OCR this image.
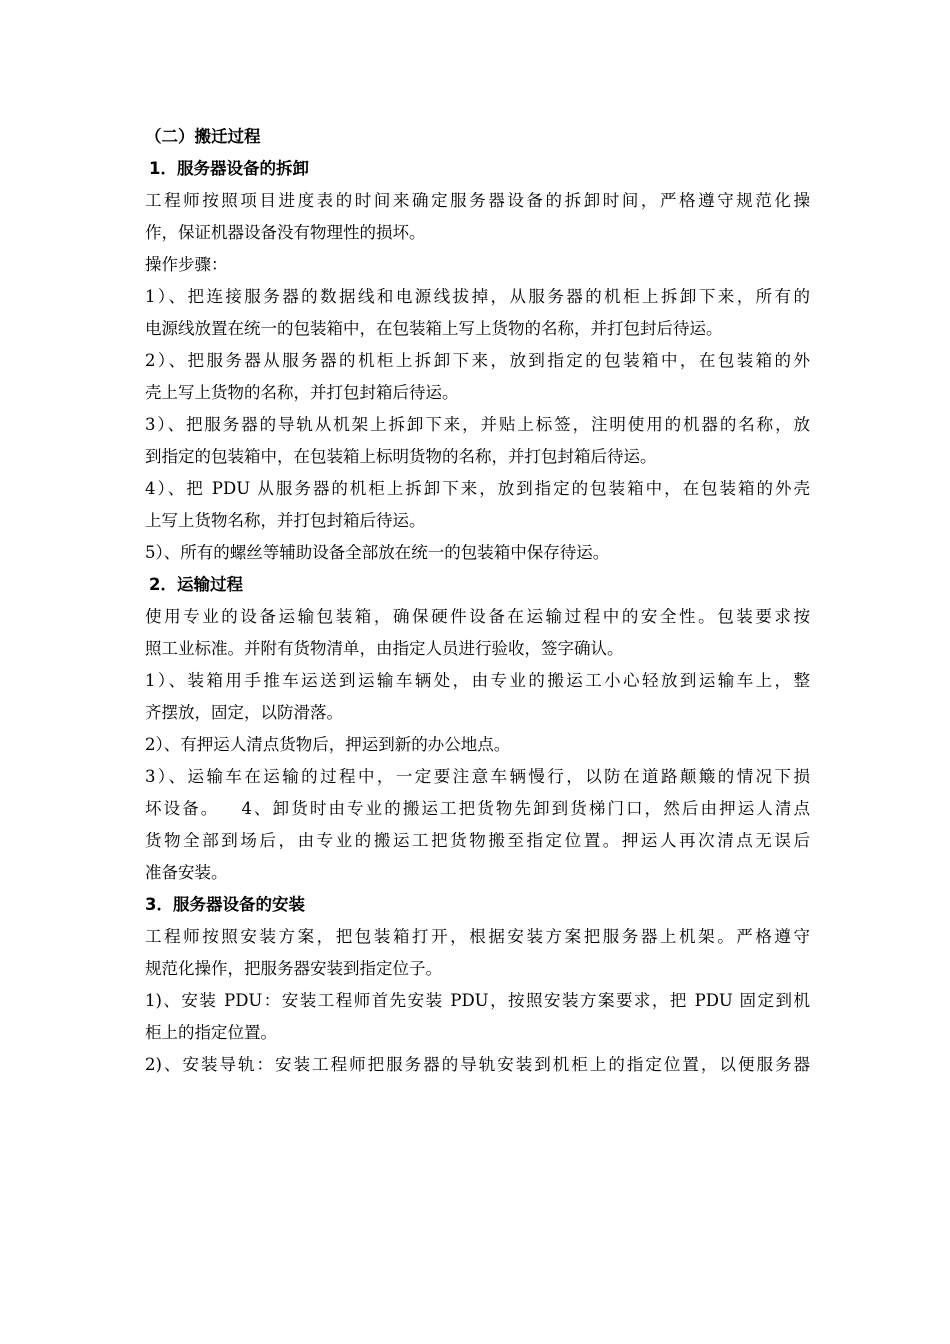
（二）搬迁过程
1．服务器设备的拆卸
工程师按照项目进度表的时间来确定服务器设备的拆卸时间，严格遵守规范化操
作，保证机器设备没有物理性的损坏。
操作步骤：
1）、把连接服务器的数据线和电源线拔掉，从服务器的机柜上拆卸下来，所有的
电源线放置在统一的包装箱中，在包装箱上写上货物的名称，并打包封后待运。
2）、把服务器从服务器的机柜上拆卸下来，放到指定的包装箱中，在包装箱的外
壳上写上货物的名称，并打包封箱后待运。
3）、把服务器的导轨从机架上拆卸下来，并贴上标签，注明使用的机器的名称，放
到指定的包装箱中，在包装箱上标明货物的名称，并打包封箱后待运。
4）、把 PDU 从服务器的机柜上拆卸下来，放到指定的包装箱中，在包装箱的外壳
上写上货物名称，并打包封箱后待运。
5）、所有的螺丝等辅助设备全部放在统一的包装箱中保存待运。
2．运输过程
使用专业的设备运输包装箱，确保硬件设备在运输过程中的安全性。包装要求按
照工业标准。并附有货物清单，由指定人员进行验收，签字确认。
1）、装箱用手推车运送到运输车辆处，由专业的搬运工小心轻放到运输车上，整
齐摆放，固定，以防滑落。
2）、有押运人清点货物后，押运到新的办公地点。
3）、运输车在运输的过程中，一定要注意车辆慢行，以防在道路颠簸的情况下损
坏设备。   4、卸货时由专业的搬运工把货物先卸到货梯门口，然后由押运人清点
货物全部到场后，由专业的搬运工把货物搬至指定位置。押运人再次清点无误后
准备安装。
3．服务器设备的安装
工程师按照安装方案，把包装箱打开，根据安装方案把服务器上机架。严格遵守
规范化操作，把服务器安装到指定位子。
1)、安装 PDU：安装工程师首先安装 PDU，按照安装方案要求，把 PDU 固定到机
柜上的指定位置。
2)、安装导轨：安装工程师把服务器的导轨安装到机柜上的指定位置，以便服务器
